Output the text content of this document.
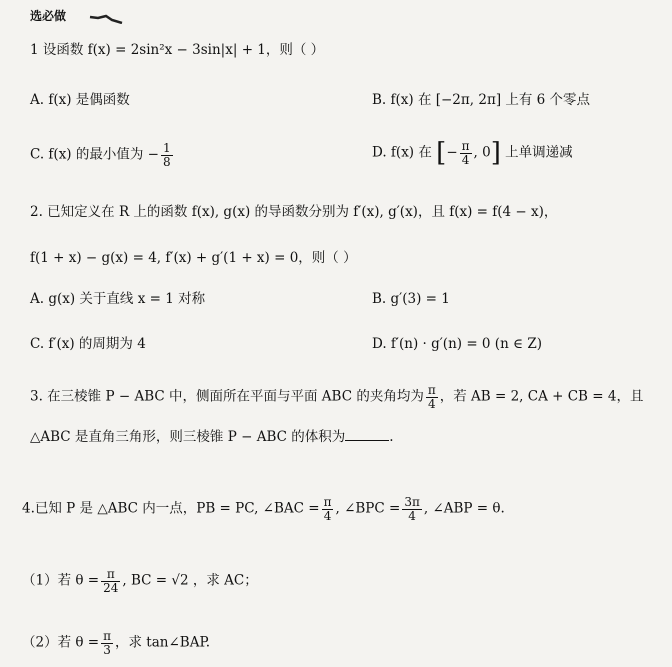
选必做
1 设函数 f(x) = 2sin²x − 3sin|x| + 1，则（ ）
A. f(x) 是偶函数	B. f(x) 在 [−2π, 2π] 上有 6 个零点
C. f(x) 的最小值为 − $\frac{1}{8}$	D. f(x) 在 [− $\frac{\pi}{4}$ , 0] 上单调递减
2. 已知定义在 R 上的函数 f(x), g(x) 的导函数分别为 f′(x), g′(x)，且 f(x) = f(4 − x)，
f(1 + x) − g(x) = 4, f′(x) + g′(1 + x) = 0，则（ ）
A. g(x) 关于直线 x = 1 对称	B. g′(3) = 1
C. f′(x) 的周期为 4	D. f′(n) · g′(n) = 0 (n ∈ Z)
3. 在三棱锥 P − ABC 中，侧面所在平面与平面 ABC 的夹角均为 $\frac{\pi}{4}$ ，若 AB = 2, CA + CB = 4，且
△ABC 是直角三角形，则三棱锥 P − ABC 的体积为	.
4.已知 P 是 △ABC 内一点，PB = PC, ∠BAC = $\frac{\pi}{4}$ , ∠BPC = $\frac{3\pi}{4}$ , ∠ABP = θ.
（1）若 $\theta = \frac{\pi}{24}$ , BC = √2 ，求 AC；
（2）若 $\theta = \frac{\pi}{3}$ ，求 tan∠BAP.
